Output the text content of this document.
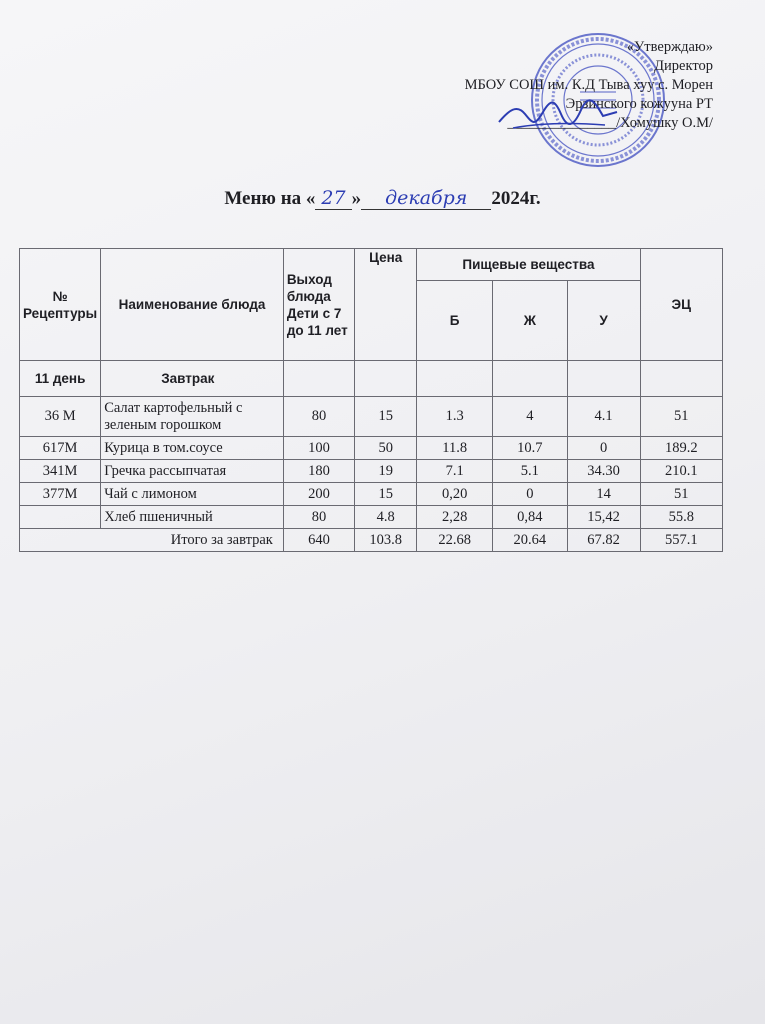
«Утверждаю»
Директор
МБОУ СОШ им. К.Д Тыва хуу с. Морен
Эрзинского кожууна РТ
_______________/Хомушку О.М/
Меню на « 27 » декабря 2024г.
№ Рецептуры	Наименование блюда	Выход блюда Дети с 7 до 11 лет	Цена	Пищевые вещества			ЭЦ
				Б	Ж	У	
11 день	Завтрак						
36 М	Салат картофельный с зеленым горошком	80	15	1.3	4	4.1	51
617М	Курица в том.соусе	100	50	11.8	10.7	0	189.2
341М	Гречка рассыпчатая	180	19	7.1	5.1	34.30	210.1
377М	Чай с лимоном	200	15	0,20	0	14	51
	Хлеб пшеничный	80	4.8	2,28	0,84	15,42	55.8
Итого за завтрак		640	103.8	22.68	20.64	67.82	557.1
